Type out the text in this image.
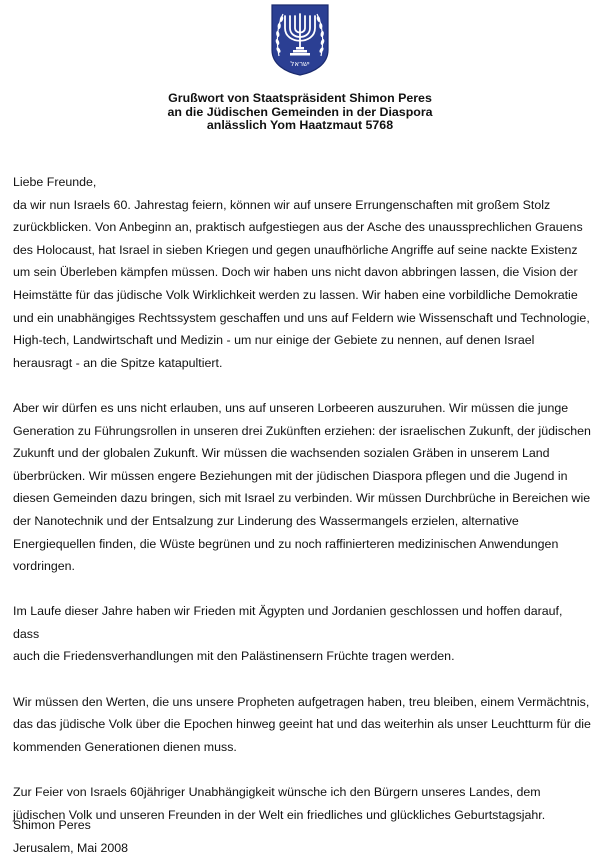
ישראל
Grußwort von Staatspräsident Shimon Peres
an die Jüdischen Gemeinden in der Diaspora
anlässlich Yom Haatzmaut 5768

Liebe Freunde,

da wir nun Israels 60. Jahrestag feiern, können wir auf unsere Errungenschaften mit großem Stolz
zurückblicken. Von Anbeginn an, praktisch aufgestiegen aus der Asche des unaussprechlichen Grauens
des Holocaust, hat Israel in sieben Kriegen und gegen unaufhörliche Angriffe auf seine nackte Existenz
um sein Überleben kämpfen müssen. Doch wir haben uns nicht davon abbringen lassen, die Vision der
Heimstätte für das jüdische Volk Wirklichkeit werden zu lassen. Wir haben eine vorbildliche Demokratie
und ein unabhängiges Rechtssystem geschaffen und uns auf Feldern wie Wissenschaft und Technologie,
High-tech, Landwirtschaft und Medizin - um nur einige der Gebiete zu nennen, auf denen Israel
herausragt - an die Spitze katapultiert.

Aber wir dürfen es uns nicht erlauben, uns auf unseren Lorbeeren auszuruhen. Wir müssen die junge
Generation zu Führungsrollen in unseren drei Zukünften erziehen: der israelischen Zukunft, der jüdischen
Zukunft und der globalen Zukunft. Wir müssen die wachsenden sozialen Gräben in unserem Land
überbrücken. Wir müssen engere Beziehungen mit der jüdischen Diaspora pflegen und die Jugend in
diesen Gemeinden dazu bringen, sich mit Israel zu verbinden. Wir müssen Durchbrüche in Bereichen wie
der Nanotechnik und der Entsalzung zur Linderung des Wassermangels erzielen, alternative
Energiequellen finden, die Wüste begrünen und zu noch raffinierteren medizinischen Anwendungen
vordringen.

Im Laufe dieser Jahre haben wir Frieden mit Ägypten und Jordanien geschlossen und hoffen darauf, dass
auch die Friedensverhandlungen mit den Palästinensern Früchte tragen werden.

Wir müssen den Werten, die uns unsere Propheten aufgetragen haben, treu bleiben, einem Vermächtnis,
das das jüdische Volk über die Epochen hinweg geeint hat und das weiterhin als unser Leuchtturm für die
kommenden Generationen dienen muss.

Zur Feier von Israels 60jähriger Unabhängigkeit wünsche ich den Bürgern unseres Landes, dem
jüdischen Volk und unseren Freunden in der Welt ein friedliches und glückliches Geburtstagsjahr.

Shimon Peres
Jerusalem, Mai 2008
